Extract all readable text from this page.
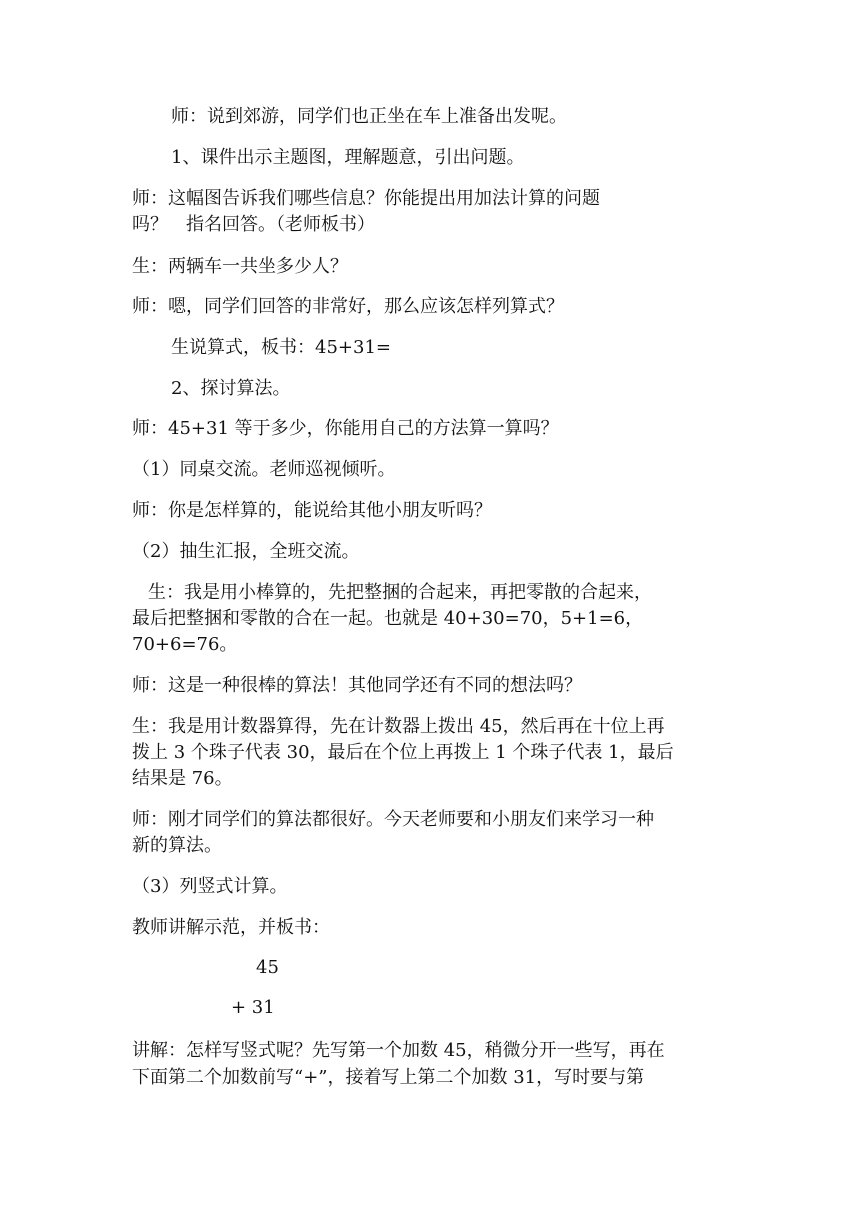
师：说到郊游，同学们也正坐在车上准备出发呢。
1、课件出示主题图，理解题意，引出问题。
师：这幅图告诉我们哪些信息？你能提出用加法计算的问题
吗？　指名回答。（老师板书）
生：两辆车一共坐多少人？
师：嗯，同学们回答的非常好，那么应该怎样列算式？
生说算式，板书：45+31=
2、探讨算法。
师：45+31 等于多少，你能用自己的方法算一算吗？
（1）同桌交流。老师巡视倾听。
师：你是怎样算的，能说给其他小朋友听吗？
（2）抽生汇报，全班交流。
生：我是用小棒算的，先把整捆的合起来，再把零散的合起来，
最后把整捆和零散的合在一起。也就是 40+30=70，5+1=6，
70+6=76。
师：这是一种很棒的算法！其他同学还有不同的想法吗？
生：我是用计数器算得，先在计数器上拨出 45，然后再在十位上再
拨上 3 个珠子代表 30，最后在个位上再拨上 1 个珠子代表 1，最后
结果是 76。
师：刚才同学们的算法都很好。今天老师要和小朋友们来学习一种
新的算法。
（3）列竖式计算。
教师讲解示范，并板书：
45
+ 31
讲解：怎样写竖式呢？先写第一个加数 45，稍微分开一些写，再在
下面第二个加数前写“+”，接着写上第二个加数 31，写时要与第
